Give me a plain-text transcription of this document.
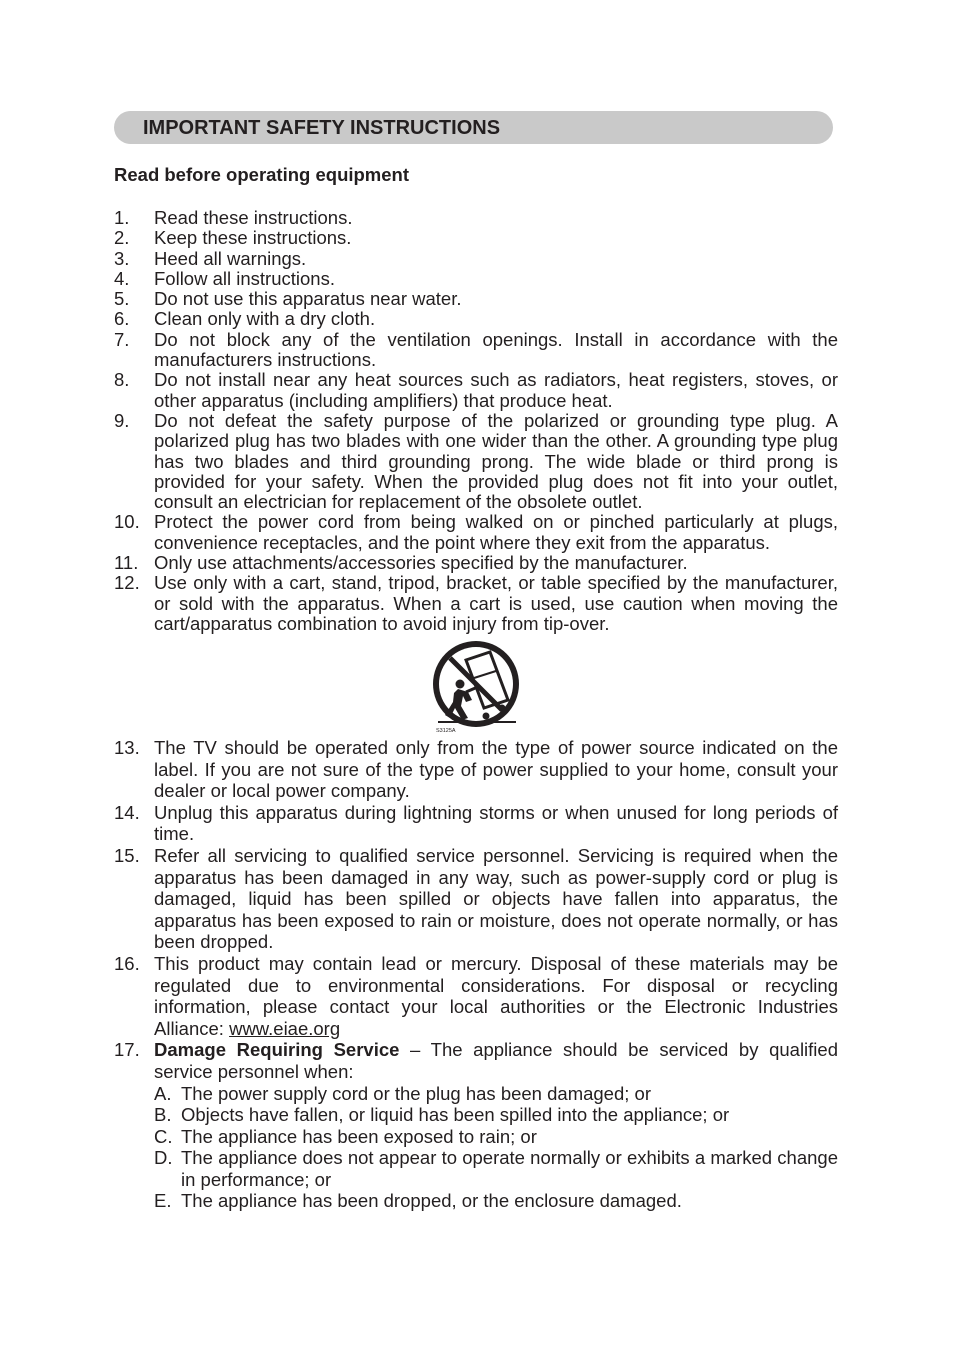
IMPORTANT SAFETY INSTRUCTIONS
Read before operating equipment
1. Read these instructions.
2. Keep these instructions.
3. Heed all warnings.
4. Follow all instructions.
5. Do not use this apparatus near water.
6. Clean only with a dry cloth.
7. Do not block any of the ventilation openings. Install in accordance with the manufacturers instructions.
8. Do not install near any heat sources such as radiators, heat registers, stoves, or other apparatus (including amplifiers) that produce heat.
9. Do not defeat the safety purpose of the polarized or grounding type plug. A polarized plug has two blades with one wider than the other. A grounding type plug has two blades and third grounding prong. The wide blade or third prong is provided for your safety. When the provided plug does not fit into your outlet, consult an electrician for replacement of the obsolete outlet.
10. Protect the power cord from being walked on or pinched particularly at plugs, convenience receptacles, and the point where they exit from the apparatus.
11. Only use attachments/accessories specified by the manufacturer.
12. Use only with a cart, stand, tripod, bracket, or table specified by the manufacturer, or sold with the apparatus. When a cart is used, use caution when moving the cart/apparatus combination to avoid injury from tip-over.
S3125A
13. The TV should be operated only from the type of power source indicated on the label. If you are not sure of the type of power supplied to your home, consult your dealer or local power company.
14. Unplug this apparatus during lightning storms or when unused for long periods of time.
15. Refer all servicing to qualified service personnel. Servicing is required when the apparatus has been damaged in any way, such as power-supply cord or plug is damaged, liquid has been spilled or objects have fallen into apparatus, the apparatus has been exposed to rain or moisture, does not operate normally, or has been dropped.
16. This product may contain lead or mercury. Disposal of these materials may be regulated due to environmental considerations. For disposal or recycling information, please contact your local authorities or the Electronic Industries Alliance: www.eiae.org
17. Damage Requiring Service – The appliance should be serviced by qualified service personnel when:
A. The power supply cord or the plug has been damaged; or
B. Objects have fallen, or liquid has been spilled into the appliance; or
C. The appliance has been exposed to rain; or
D. The appliance does not appear to operate normally or exhibits a marked change in performance; or
E. The appliance has been dropped, or the enclosure damaged.
